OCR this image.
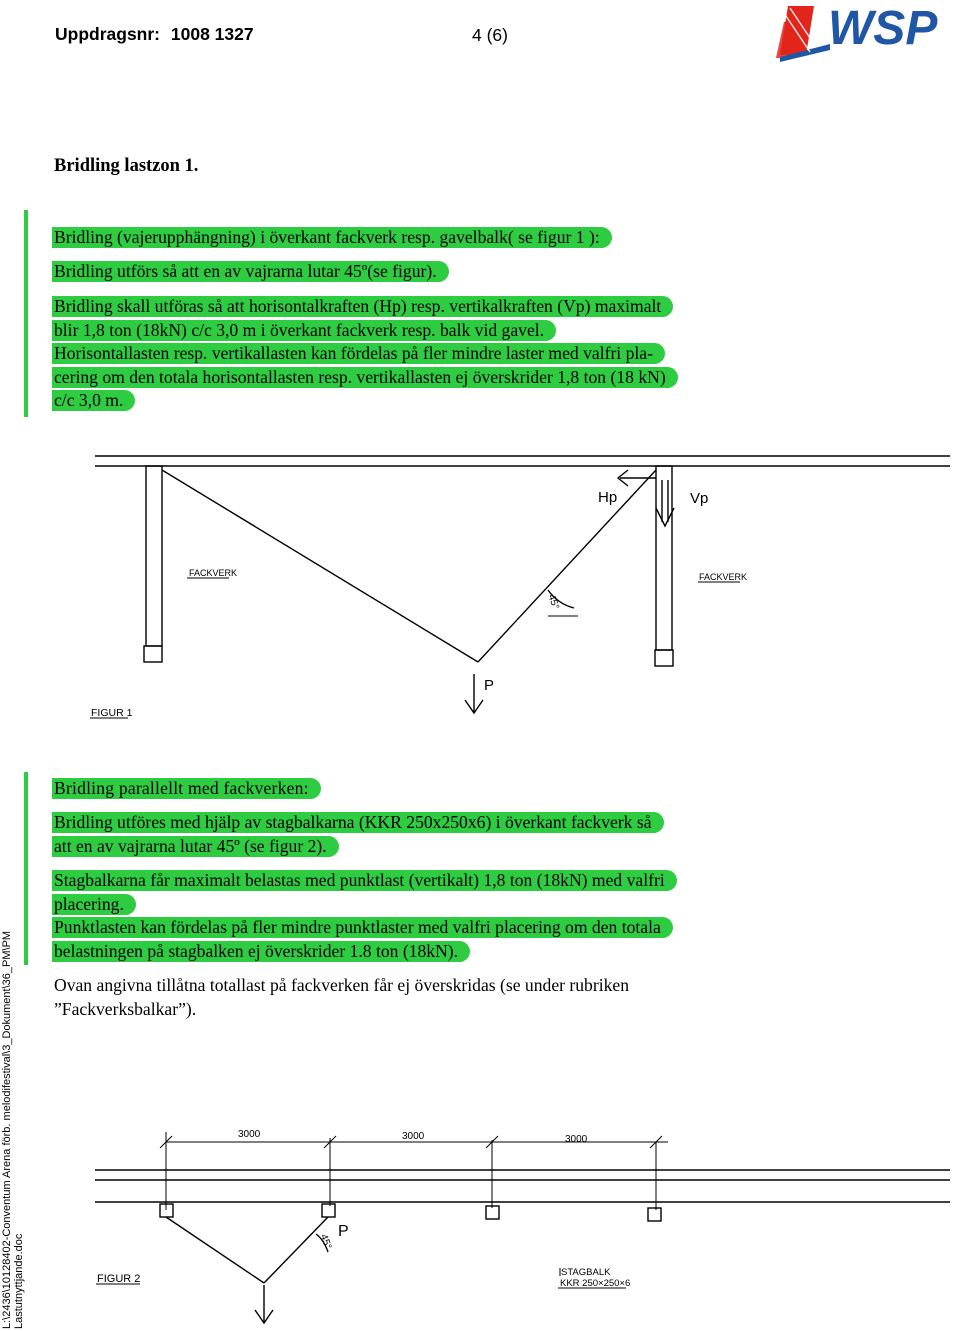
Uppdragsnr: 1008 1327	4 (6)	WSP
Bridling lastzon 1.
Bridling (vajerupphängning) i överkant fackverk resp. gavelbalk( se figur 1 ):
Bridling utförs så att en av vajrarna lutar 45º(se figur).
Bridling skall utföras så att horisontalkraften (Hp) resp. vertikalkraften (Vp) maximalt
blir 1,8 ton (18kN) c/c 3,0 m i överkant fackverk resp. balk vid gavel.
Horisontallasten resp. vertikallasten kan fördelas på fler mindre laster med valfri pla-
cering om den totala horisontallasten resp. vertikallasten ej överskrider 1,8 ton (18 kN)
c/c 3,0 m.
FACKVERK	FACKVERK
Hp	Vp
45°
P
FIGUR 1
Bridling parallellt med fackverken:
Bridling utföres med hjälp av stagbalkarna (KKR 250x250x6) i överkant fackverk så
att en av vajrarna lutar 45º (se figur 2).
Stagbalkarna får maximalt belastas med punktlast (vertikalt) 1,8 ton (18kN) med valfri
placering.
Punktlasten kan fördelas på fler mindre punktlaster med valfri placering om den totala
belastningen på stagbalken ej överskrider 1.8 ton (18kN).
Ovan angivna tillåtna totallast på fackverken får ej överskridas (se under rubriken
”Fackverksbalkar”).
3000	3000	3000
45°
P
FIGUR 2
STAGBALK
KKR 250×250×6
L:\2436\10128402-Conventum Arena förb. melodifestival\3_Dokument\36_PM\PM Lastutnyttjande.doc
